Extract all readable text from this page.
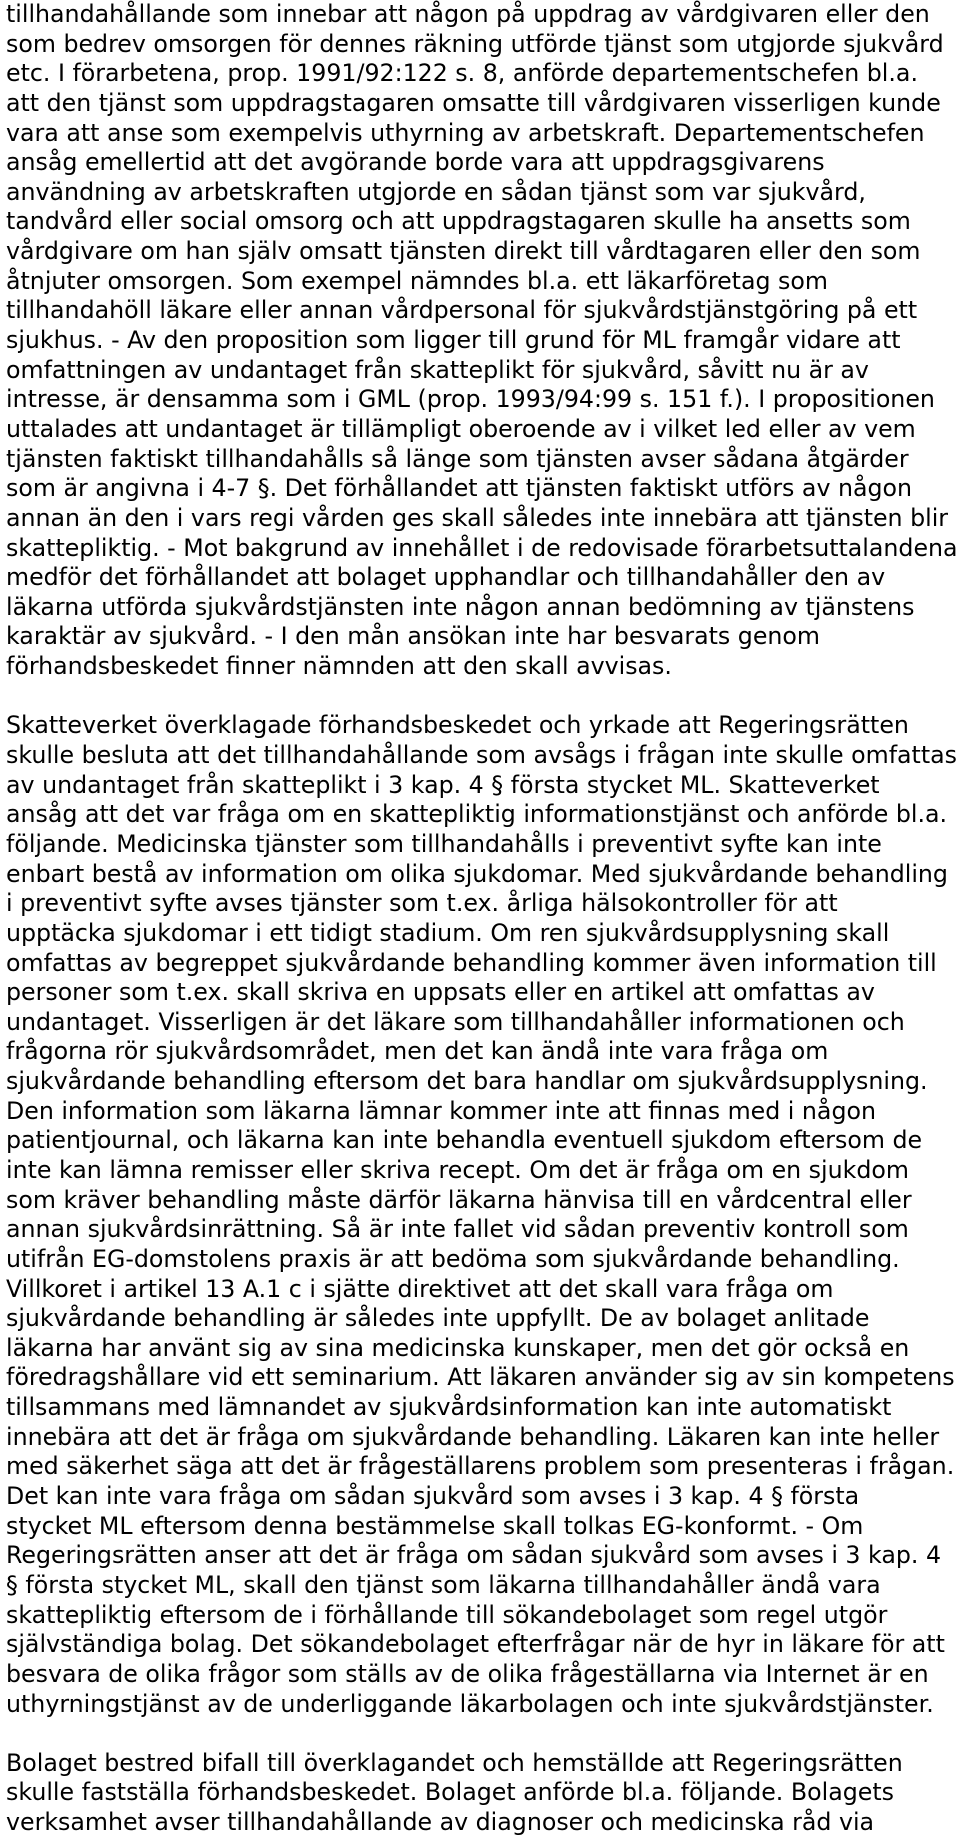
tillhandahållande som innebar att någon på uppdrag av vårdgivaren eller den
som bedrev omsorgen för dennes räkning utförde tjänst som utgjorde sjukvård
etc. I förarbetena, prop. 1991/92:122 s. 8, anförde departementschefen bl.a.
att den tjänst som uppdragstagaren omsatte till vårdgivaren visserligen kunde
vara att anse som exempelvis uthyrning av arbetskraft. Departementschefen
ansåg emellertid att det avgörande borde vara att uppdragsgivarens
användning av arbetskraften utgjorde en sådan tjänst som var sjukvård,
tandvård eller social omsorg och att uppdragstagaren skulle ha ansetts som
vårdgivare om han själv omsatt tjänsten direkt till vårdtagaren eller den som
åtnjuter omsorgen. Som exempel nämndes bl.a. ett läkarföretag som
tillhandahöll läkare eller annan vårdpersonal för sjukvårdstjänstgöring på ett
sjukhus. - Av den proposition som ligger till grund för ML framgår vidare att
omfattningen av undantaget från skatteplikt för sjukvård, såvitt nu är av
intresse, är densamma som i GML (prop. 1993/94:99 s. 151 f.). I propositionen
uttalades att undantaget är tillämpligt oberoende av i vilket led eller av vem
tjänsten faktiskt tillhandahålls så länge som tjänsten avser sådana åtgärder
som är angivna i 4-7 §. Det förhållandet att tjänsten faktiskt utförs av någon
annan än den i vars regi vården ges skall således inte innebära att tjänsten blir
skattepliktig. - Mot bakgrund av innehållet i de redovisade förarbetsuttalandena
medför det förhållandet att bolaget upphandlar och tillhandahåller den av
läkarna utförda sjukvårdstjänsten inte någon annan bedömning av tjänstens
karaktär av sjukvård. - I den mån ansökan inte har besvarats genom
förhandsbeskedet finner nämnden att den skall avvisas.
Skatteverket överklagade förhandsbeskedet och yrkade att Regeringsrätten
skulle besluta att det tillhandahållande som avsågs i frågan inte skulle omfattas
av undantaget från skatteplikt i 3 kap. 4 § första stycket ML. Skatteverket
ansåg att det var fråga om en skattepliktig informationstjänst och anförde bl.a.
följande. Medicinska tjänster som tillhandahålls i preventivt syfte kan inte
enbart bestå av information om olika sjukdomar. Med sjukvårdande behandling
i preventivt syfte avses tjänster som t.ex. årliga hälsokontroller för att
upptäcka sjukdomar i ett tidigt stadium. Om ren sjukvårdsupplysning skall
omfattas av begreppet sjukvårdande behandling kommer även information till
personer som t.ex. skall skriva en uppsats eller en artikel att omfattas av
undantaget. Visserligen är det läkare som tillhandahåller informationen och
frågorna rör sjukvårdsområdet, men det kan ändå inte vara fråga om
sjukvårdande behandling eftersom det bara handlar om sjukvårdsupplysning.
Den information som läkarna lämnar kommer inte att finnas med i någon
patientjournal, och läkarna kan inte behandla eventuell sjukdom eftersom de
inte kan lämna remisser eller skriva recept. Om det är fråga om en sjukdom
som kräver behandling måste därför läkarna hänvisa till en vårdcentral eller
annan sjukvårdsinrättning. Så är inte fallet vid sådan preventiv kontroll som
utifrån EG-domstolens praxis är att bedöma som sjukvårdande behandling.
Villkoret i artikel 13 A.1 c i sjätte direktivet att det skall vara fråga om
sjukvårdande behandling är således inte uppfyllt. De av bolaget anlitade
läkarna har använt sig av sina medicinska kunskaper, men det gör också en
föredragshållare vid ett seminarium. Att läkaren använder sig av sin kompetens
tillsammans med lämnandet av sjukvårdsinformation kan inte automatiskt
innebära att det är fråga om sjukvårdande behandling. Läkaren kan inte heller
med säkerhet säga att det är frågeställarens problem som presenteras i frågan.
Det kan inte vara fråga om sådan sjukvård som avses i 3 kap. 4 § första
stycket ML eftersom denna bestämmelse skall tolkas EG-konformt. - Om
Regeringsrätten anser att det är fråga om sådan sjukvård som avses i 3 kap. 4
§ första stycket ML, skall den tjänst som läkarna tillhandahåller ändå vara
skattepliktig eftersom de i förhållande till sökandebolaget som regel utgör
självständiga bolag. Det sökandebolaget efterfrågar när de hyr in läkare för att
besvara de olika frågor som ställs av de olika frågeställarna via Internet är en
uthyrningstjänst av de underliggande läkarbolagen och inte sjukvårdstjänster.
Bolaget bestred bifall till överklagandet och hemställde att Regeringsrätten
skulle fastställa förhandsbeskedet. Bolaget anförde bl.a. följande. Bolagets
verksamhet avser tillhandahållande av diagnoser och medicinska råd via
